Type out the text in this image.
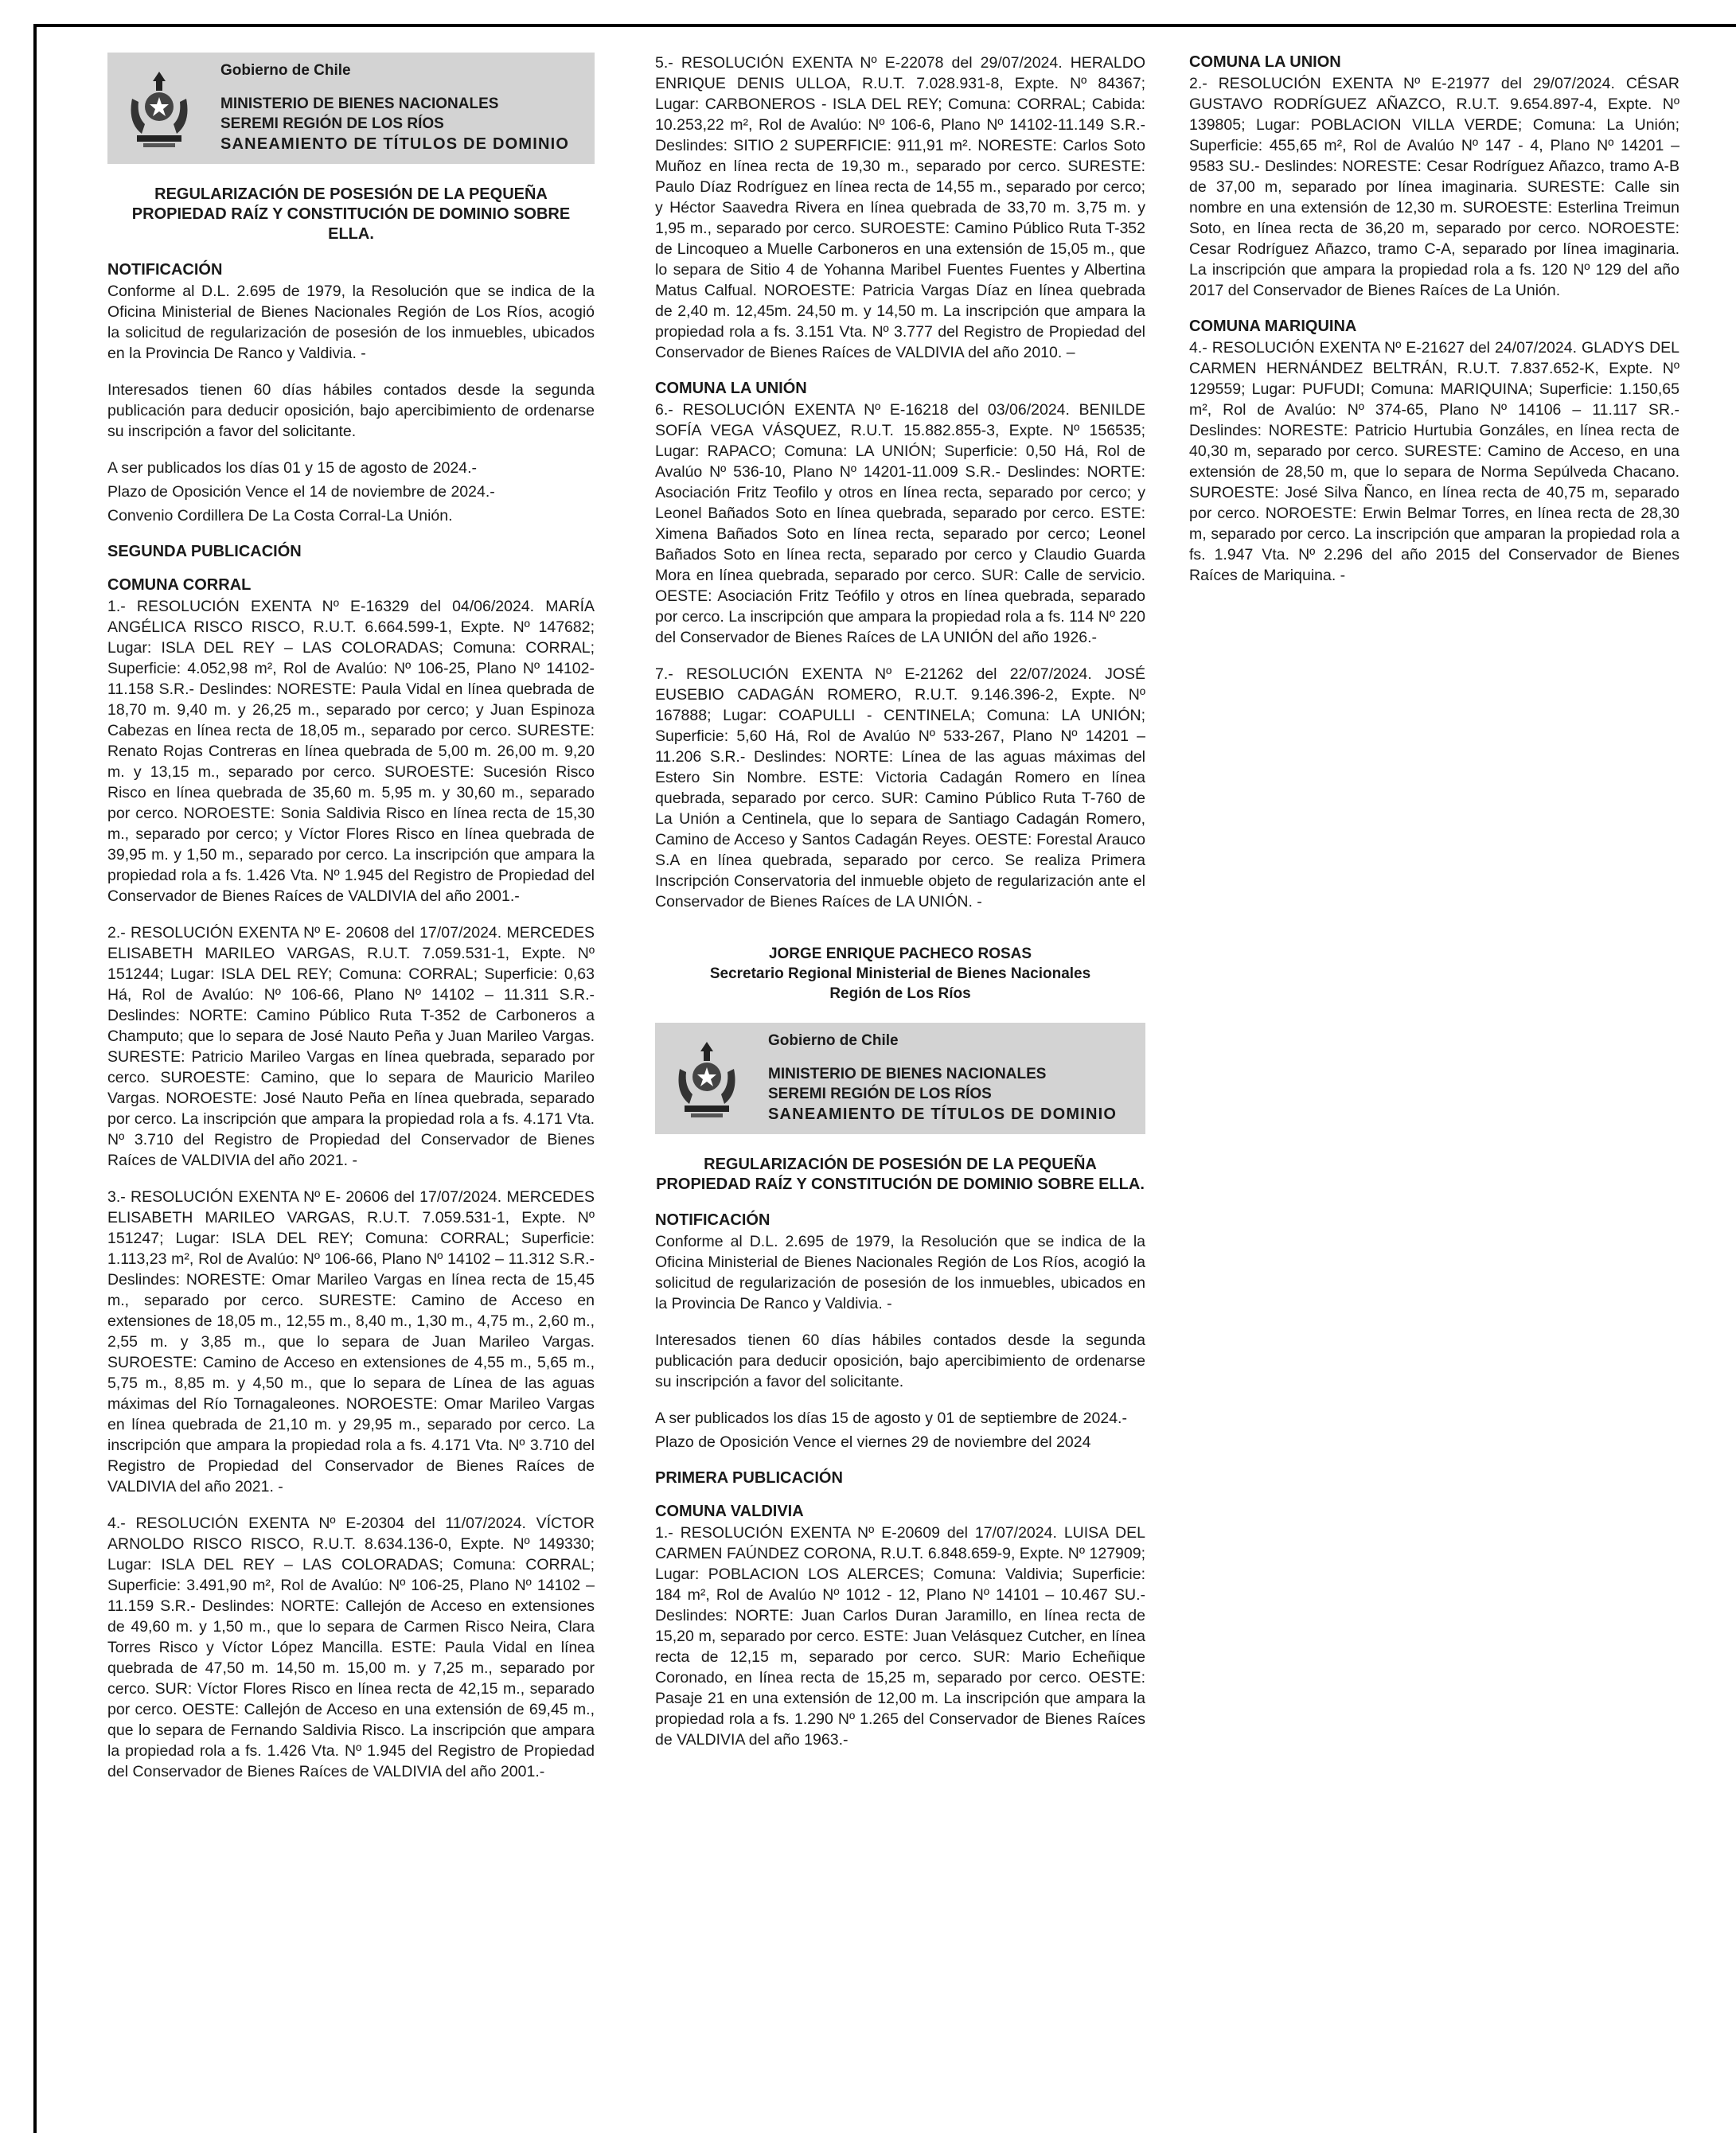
Gobierno de Chile
MINISTERIO DE BIENES NACIONALES
SEREMI REGIÓN DE LOS RÍOS
SANEAMIENTO DE TÍTULOS DE DOMINIO
REGULARIZACIÓN DE POSESIÓN DE LA PEQUEÑA PROPIEDAD RAÍZ Y CONSTITUCIÓN DE DOMINIO SOBRE ELLA.
NOTIFICACIÓN

Conforme al D.L. 2.695 de 1979, la Resolución que se indica de la Oficina Ministerial de Bienes Nacionales Región de Los Ríos, acogió la solicitud de regularización de posesión de los inmuebles, ubicados en la Provincia De Ranco y Valdivia. -

Interesados tienen 60 días hábiles contados desde la segunda publicación para deducir oposición, bajo apercibimiento de ordenarse su inscripción a favor del solicitante.

A ser publicados los días 01 y 15 de agosto de 2024.-

Plazo de Oposición Vence el 14 de noviembre de 2024.-

Convenio Cordillera De La Costa Corral-La Unión.

SEGUNDA PUBLICACIÓN
COMUNA CORRAL

1.- RESOLUCIÓN EXENTA Nº E-16329 del 04/06/2024. MARÍA ANGÉLICA RISCO RISCO, R.U.T. 6.664.599-1, Expte. Nº 147682; Lugar: ISLA DEL REY – LAS COLORADAS; Comuna: CORRAL; Superficie: 4.052,98 m², Rol de Avalúo: Nº 106-25, Plano Nº 14102-11.158 S.R.- Deslindes: NORESTE: Paula Vidal en línea quebrada de 18,70 m. 9,40 m. y 26,25 m., separado por cerco; y Juan Espinoza Cabezas en línea recta de 18,05 m., separado por cerco. SURESTE: Renato Rojas Contreras en línea quebrada de 5,00 m. 26,00 m. 9,20 m. y 13,15 m., separado por cerco. SUROESTE: Sucesión Risco Risco en línea quebrada de 35,60 m. 5,95 m. y 30,60 m., separado por cerco. NOROESTE: Sonia Saldivia Risco en línea recta de 15,30 m., separado por cerco; y Víctor Flores Risco en línea quebrada de 39,95 m. y 1,50 m., separado por cerco. La inscripción que ampara la propiedad rola a fs. 1.426 Vta. Nº 1.945 del Registro de Propiedad del Conservador de Bienes Raíces de VALDIVIA del año 2001.-

2.- RESOLUCIÓN EXENTA Nº E- 20608 del 17/07/2024. MERCEDES ELISABETH MARILEO VARGAS, R.U.T. 7.059.531-1, Expte. Nº 151244; Lugar: ISLA DEL REY; Comuna: CORRAL; Superficie: 0,63 Há, Rol de Avalúo: Nº 106-66, Plano Nº 14102 – 11.311 S.R.- Deslindes: NORTE: Camino Público Ruta T-352 de Carboneros a Champuto; que lo separa de José Nauto Peña y Juan Marileo Vargas. SURESTE: Patricio Marileo Vargas en línea quebrada, separado por cerco. SUROESTE: Camino, que lo separa de Mauricio Marileo Vargas. NOROESTE: José Nauto Peña en línea quebrada, separado por cerco. La inscripción que ampara la propiedad rola a fs. 4.171 Vta. Nº 3.710 del Registro de Propiedad del Conservador de Bienes Raíces de VALDIVIA del año 2021. -

3.- RESOLUCIÓN EXENTA Nº E- 20606 del 17/07/2024. MERCEDES ELISABETH MARILEO VARGAS, R.U.T. 7.059.531-1, Expte. Nº 151247; Lugar: ISLA DEL REY; Comuna: CORRAL; Superficie: 1.113,23 m², Rol de Avalúo: Nº 106-66, Plano Nº 14102 – 11.312 S.R.- Deslindes: NORESTE: Omar Marileo Vargas en línea recta de 15,45 m., separado por cerco. SURESTE: Camino de Acceso en extensiones de 18,05 m., 12,55 m., 8,40 m., 1,30 m., 4,75 m., 2,60 m., 2,55 m. y 3,85 m., que lo separa de Juan Marileo Vargas. SUROESTE: Camino de Acceso en extensiones de 4,55 m., 5,65 m., 5,75 m., 8,85 m. y 4,50 m., que lo separa de Línea de las aguas máximas del Río Tornagaleones. NOROESTE: Omar Marileo Vargas en línea quebrada de 21,10 m. y 29,95 m., separado por cerco. La inscripción que ampara la propiedad rola a fs. 4.171 Vta. Nº 3.710 del Registro de Propiedad del Conservador de Bienes Raíces de VALDIVIA del año 2021. -

4.- RESOLUCIÓN EXENTA Nº E-20304 del 11/07/2024. VÍCTOR ARNOLDO RISCO RISCO, R.U.T. 8.634.136-0, Expte. Nº 149330; Lugar: ISLA DEL REY – LAS COLORADAS; Comuna: CORRAL; Superficie: 3.491,90 m², Rol de Avalúo: Nº 106-25, Plano Nº 14102 – 11.159 S.R.- Deslindes: NORTE: Callejón de Acceso en extensiones de 49,60 m. y 1,50 m., que lo separa de Carmen Risco Neira, Clara Torres Risco y Víctor López Mancilla. ESTE: Paula Vidal en línea quebrada de 47,50 m. 14,50 m. 15,00 m. y 7,25 m., separado por cerco. SUR: Víctor Flores Risco en línea recta de 42,15 m., separado por cerco. OESTE: Callejón de Acceso en una extensión de 69,45 m., que lo separa de Fernando Saldivia Risco. La inscripción que ampara la propiedad rola a fs. 1.426 Vta. Nº 1.945 del Registro de Propiedad del Conservador de Bienes Raíces de VALDIVIA del año 2001.-

5.- RESOLUCIÓN EXENTA Nº E-22078 del 29/07/2024. HERALDO ENRIQUE DENIS ULLOA, R.U.T. 7.028.931-8, Expte. Nº 84367; Lugar: CARBONEROS - ISLA DEL REY; Comuna: CORRAL; Cabida: 10.253,22 m², Rol de Avalúo: Nº 106-6, Plano Nº 14102-11.149 S.R.- Deslindes: SITIO 2 SUPERFICIE: 911,91 m². NORESTE: Carlos Soto Muñoz en línea recta de 19,30 m., separado por cerco. SURESTE: Paulo Díaz Rodríguez en línea recta de 14,55 m., separado por cerco; y Héctor Saavedra Rivera en línea quebrada de 33,70 m. 3,75 m. y 1,95 m., separado por cerco. SUROESTE: Camino Público Ruta T-352 de Lincoqueo a Muelle Carboneros en una extensión de 15,05 m., que lo separa de Sitio 4 de Yohanna Maribel Fuentes Fuentes y Albertina Matus Calfual. NOROESTE: Patricia Vargas Díaz en línea quebrada de 2,40 m. 12,45m. 24,50 m. y 14,50 m. La inscripción que ampara la propiedad rola a fs. 3.151 Vta. Nº 3.777 del Registro de Propiedad del Conservador de Bienes Raíces de VALDIVIA del año 2010. –

COMUNA LA UNIÓN

6.- RESOLUCIÓN EXENTA Nº E-16218 del 03/06/2024. BENILDE SOFÍA VEGA VÁSQUEZ, R.U.T. 15.882.855-3, Expte. Nº 156535; Lugar: RAPACO; Comuna: LA UNIÓN; Superficie: 0,50 Há, Rol de Avalúo Nº 536-10, Plano Nº 14201-11.009 S.R.- Deslindes: NORTE: Asociación Fritz Teofilo y otros en línea recta, separado por cerco; y Leonel Bañados Soto en línea quebrada, separado por cerco. ESTE: Ximena Bañados Soto en línea recta, separado por cerco; Leonel Bañados Soto en línea recta, separado por cerco y Claudio Guarda Mora en línea quebrada, separado por cerco. SUR: Calle de servicio. OESTE: Asociación Fritz Teófilo y otros en línea quebrada, separado por cerco. La inscripción que ampara la propiedad rola a fs. 114 Nº 220 del Conservador de Bienes Raíces de LA UNIÓN del año 1926.-

7.- RESOLUCIÓN EXENTA Nº E-21262 del 22/07/2024. JOSÉ EUSEBIO CADAGÁN ROMERO, R.U.T. 9.146.396-2, Expte. Nº 167888; Lugar: COAPULLI - CENTINELA; Comuna: LA UNIÓN; Superficie: 5,60 Há, Rol de Avalúo Nº 533-267, Plano Nº 14201 – 11.206 S.R.- Deslindes: NORTE: Línea de las aguas máximas del Estero Sin Nombre. ESTE: Victoria Cadagán Romero en línea quebrada, separado por cerco. SUR: Camino Público Ruta T-760 de La Unión a Centinela, que lo separa de Santiago Cadagán Romero, Camino de Acceso y Santos Cadagán Reyes. OESTE: Forestal Arauco S.A en línea quebrada, separado por cerco. Se realiza Primera Inscripción Conservatoria del inmueble objeto de regularización ante el Conservador de Bienes Raíces de LA UNIÓN. -

JORGE ENRIQUE PACHECO ROSAS
Secretario Regional Ministerial de Bienes Nacionales
Región de Los Ríos
Gobierno de Chile
MINISTERIO DE BIENES NACIONALES
SEREMI REGIÓN DE LOS RÍOS
SANEAMIENTO DE TÍTULOS DE DOMINIO
REGULARIZACIÓN DE POSESIÓN DE LA PEQUEÑA PROPIEDAD RAÍZ Y CONSTITUCIÓN DE DOMINIO SOBRE ELLA.
NOTIFICACIÓN

Conforme al D.L. 2.695 de 1979, la Resolución que se indica de la Oficina Ministerial de Bienes Nacionales Región de Los Ríos, acogió la solicitud de regularización de posesión de los inmuebles, ubicados en la Provincia De Ranco y Valdivia. -

Interesados tienen 60 días hábiles contados desde la segunda publicación para deducir oposición, bajo apercibimiento de ordenarse su inscripción a favor del solicitante.

A ser publicados los días 15 de agosto y 01 de septiembre de 2024.-

Plazo de Oposición Vence el viernes 29 de noviembre del 2024

PRIMERA PUBLICACIÓN
COMUNA VALDIVIA

1.- RESOLUCIÓN EXENTA Nº E-20609 del 17/07/2024. LUISA DEL CARMEN FAÚNDEZ CORONA, R.U.T. 6.848.659-9, Expte. Nº 127909; Lugar: POBLACION LOS ALERCES; Comuna: Valdivia; Superficie: 184 m², Rol de Avalúo Nº 1012 - 12, Plano Nº 14101 – 10.467 SU.- Deslindes: NORTE: Juan Carlos Duran Jaramillo, en línea recta de 15,20 m, separado por cerco. ESTE: Juan Velásquez Cutcher, en línea recta de 12,15 m, separado por cerco. SUR: Mario Echeñique Coronado, en línea recta de 15,25 m, separado por cerco. OESTE: Pasaje 21 en una extensión de 12,00 m. La inscripción que ampara la propiedad rola a fs. 1.290 Nº 1.265 del Conservador de Bienes Raíces de VALDIVIA del año 1963.-

COMUNA LA UNION

2.- RESOLUCIÓN EXENTA Nº E-21977 del 29/07/2024. CÉSAR GUSTAVO RODRÍGUEZ AÑAZCO, R.U.T. 9.654.897-4, Expte. Nº 139805; Lugar: POBLACION VILLA VERDE; Comuna: La Unión; Superficie: 455,65 m², Rol de Avalúo Nº 147 - 4, Plano Nº 14201 – 9583 SU.- Deslindes: NORESTE: Cesar Rodríguez Añazco, tramo A-B de 37,00 m, separado por línea imaginaria. SURESTE: Calle sin nombre en una extensión de 12,30 m. SUROESTE: Esterlina Treimun Soto, en línea recta de 36,20 m, separado por cerco. NOROESTE: Cesar Rodríguez Añazco, tramo C-A, separado por línea imaginaria. La inscripción que ampara la propiedad rola a fs. 120 Nº 129 del año 2017 del Conservador de Bienes Raíces de La Unión.

COMUNA MARIQUINA

4.- RESOLUCIÓN EXENTA Nº E-21627 del 24/07/2024. GLADYS DEL CARMEN HERNÁNDEZ BELTRÁN, R.U.T. 7.837.652-K, Expte. Nº 129559; Lugar: PUFUDI; Comuna: MARIQUINA; Superficie: 1.150,65 m², Rol de Avalúo: Nº 374-65, Plano Nº 14106 – 11.117 SR.- Deslindes: NORESTE: Patricio Hurtubia Gonzáles, en línea recta de 40,30 m, separado por cerco. SURESTE: Camino de Acceso, en una extensión de 28,50 m, que lo separa de Norma Sepúlveda Chacano. SUROESTE: José Silva Ñanco, en línea recta de 40,75 m, separado por cerco. NOROESTE: Erwin Belmar Torres, en línea recta de 28,30 m, separado por cerco. La inscripción que amparan la propiedad rola a fs. 1.947 Vta. Nº 2.296 del año 2015 del Conservador de Bienes Raíces de Mariquina. -
